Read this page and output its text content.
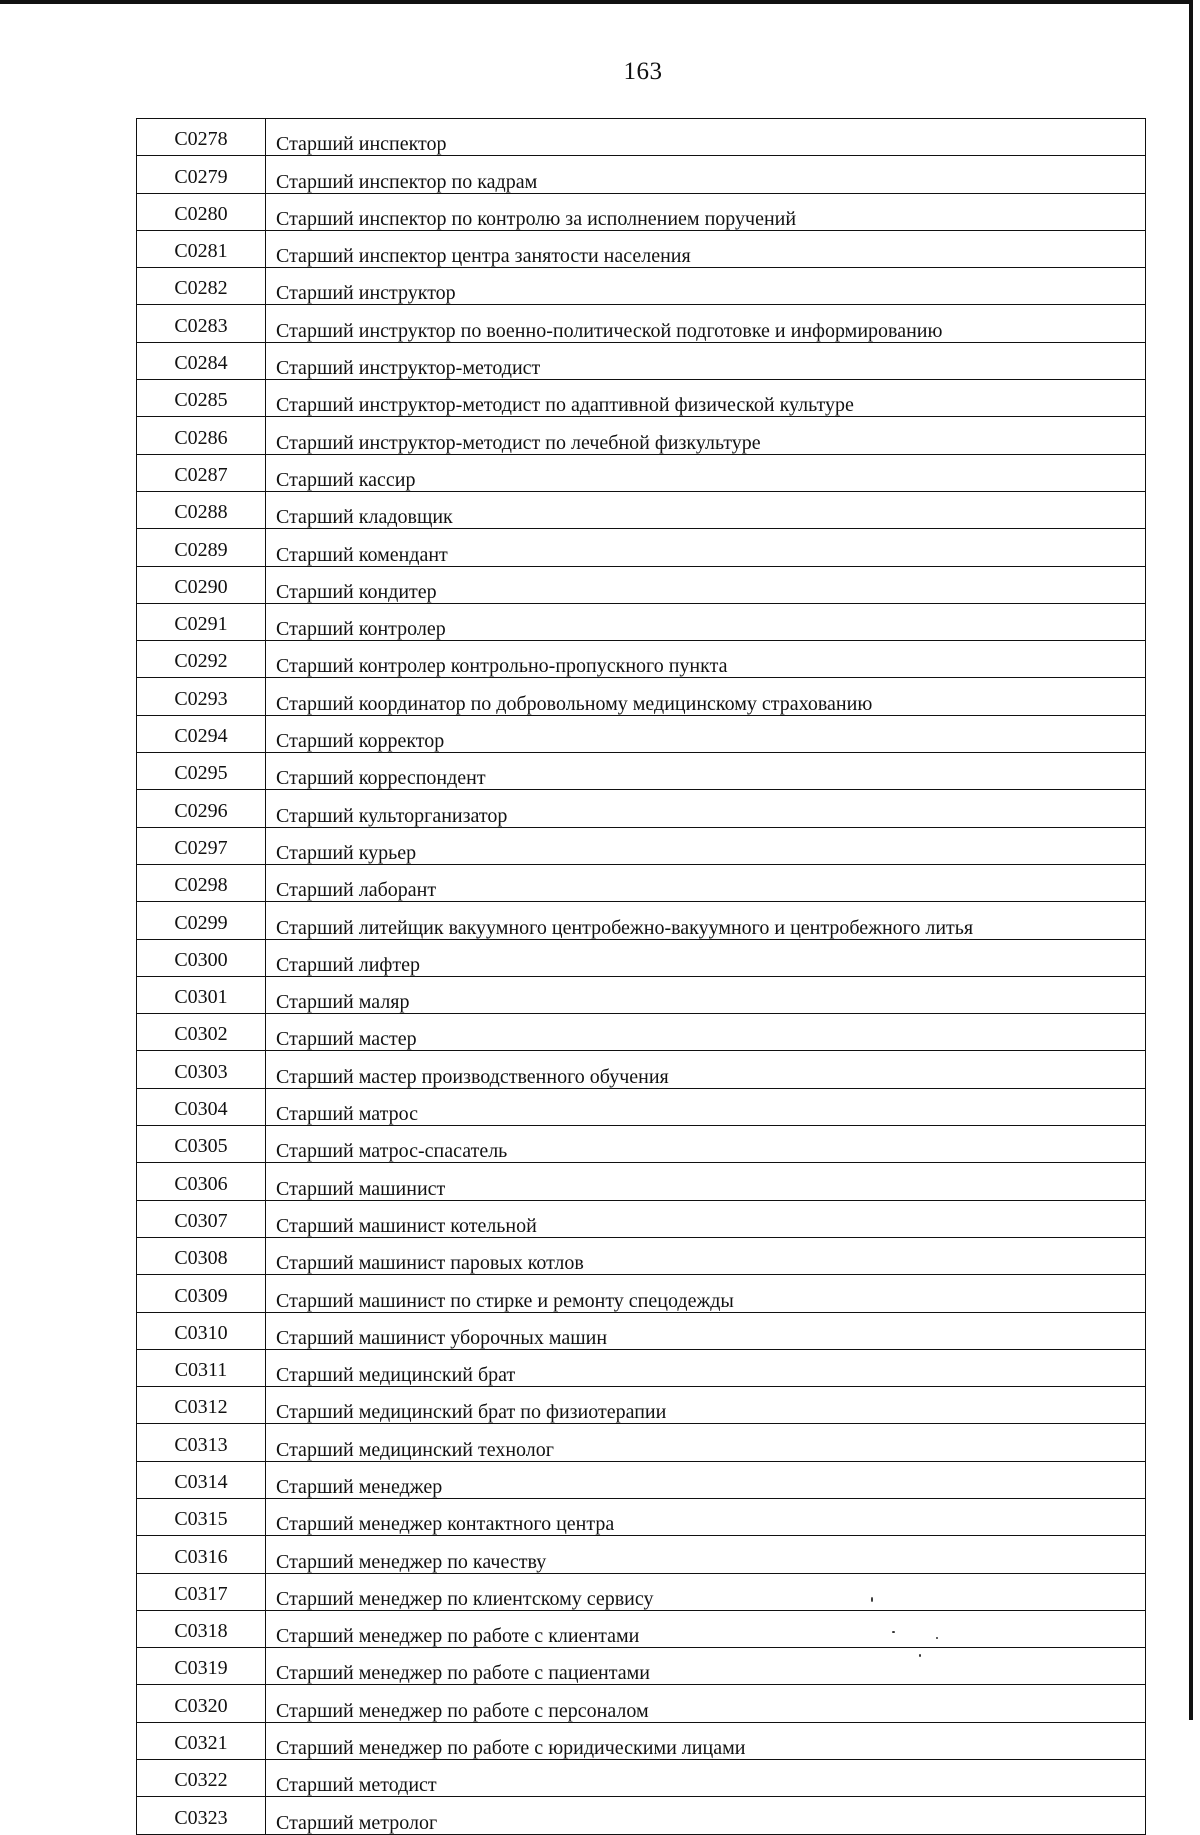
163
C0278	Старший инспектор
C0279	Старший инспектор по кадрам
C0280	Старший инспектор по контролю за исполнением поручений
C0281	Старший инспектор центра занятости населения
C0282	Старший инструктор
C0283	Старший инструктор по военно-политической подготовке и информированию
C0284	Старший инструктор-методист
C0285	Старший инструктор-методист по адаптивной физической культуре
C0286	Старший инструктор-методист по лечебной физкультуре
C0287	Старший кассир
C0288	Старший кладовщик
C0289	Старший комендант
C0290	Старший кондитер
C0291	Старший контролер
C0292	Старший контролер контрольно-пропускного пункта
C0293	Старший координатор по добровольному медицинскому страхованию
C0294	Старший корректор
C0295	Старший корреспондент
C0296	Старший культорганизатор
C0297	Старший курьер
C0298	Старший лаборант
C0299	Старший литейщик вакуумного центробежно-вакуумного и центробежного литья
C0300	Старший лифтер
C0301	Старший маляр
C0302	Старший мастер
C0303	Старший мастер производственного обучения
C0304	Старший матрос
C0305	Старший матрос-спасатель
C0306	Старший машинист
C0307	Старший машинист котельной
C0308	Старший машинист паровых котлов
C0309	Старший машинист по стирке и ремонту спецодежды
C0310	Старший машинист уборочных машин
C0311	Старший медицинский брат
C0312	Старший медицинский брат по физиотерапии
C0313	Старший медицинский технолог
C0314	Старший менеджер
C0315	Старший менеджер контактного центра
C0316	Старший менеджер по качеству
C0317	Старший менеджер по клиентскому сервису
C0318	Старший менеджер по работе с клиентами
C0319	Старший менеджер по работе с пациентами
C0320	Старший менеджер по работе с персоналом
C0321	Старший менеджер по работе с юридическими лицами
C0322	Старший методист
C0323	Старший метролог
